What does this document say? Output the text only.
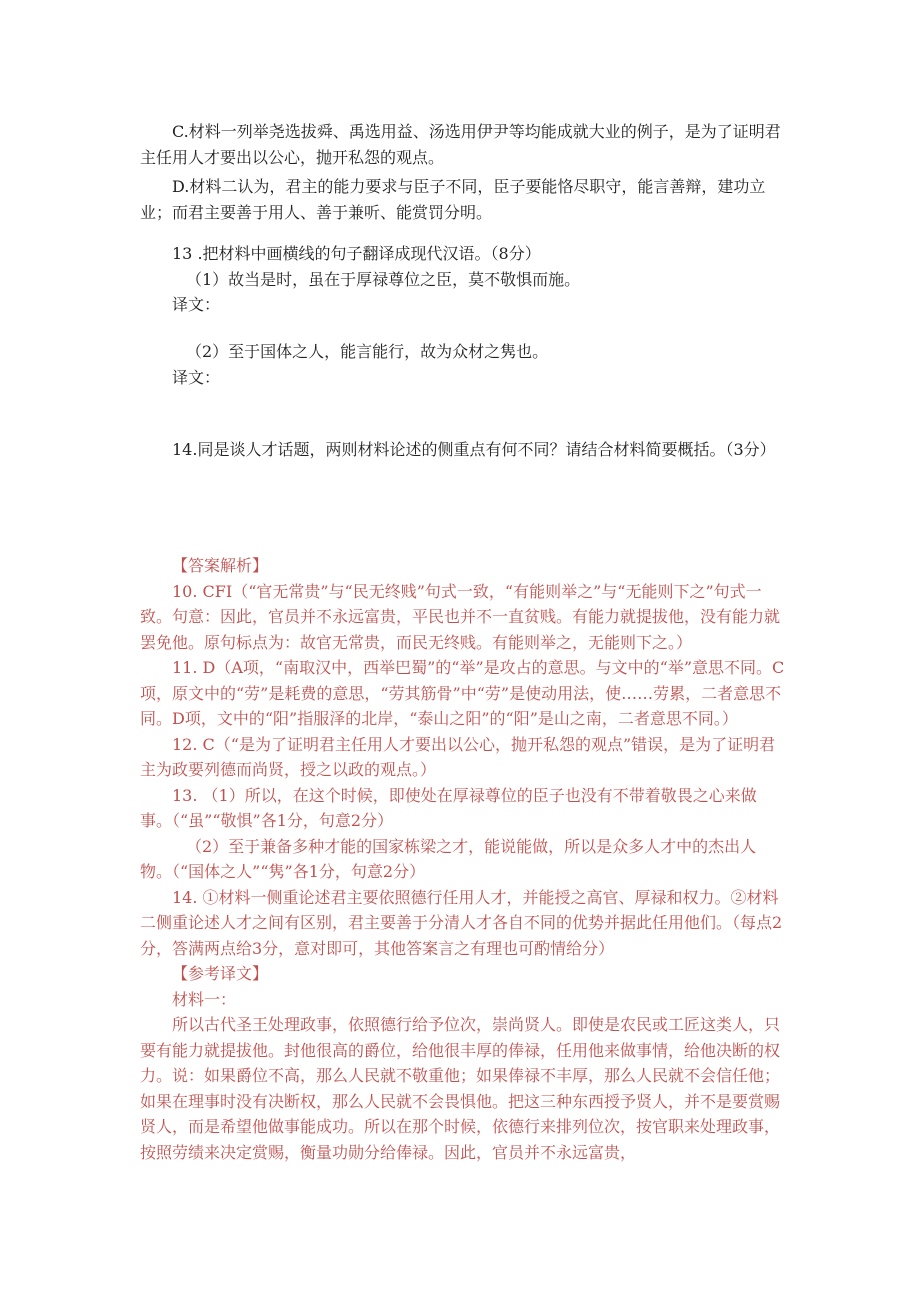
C.材料一列举尧选拔舜、禹选用益、汤选用伊尹等均能成就大业的例子，是为了证明君主任用人才要出以公心，抛开私怨的观点。

D.材料二认为，君主的能力要求与臣子不同，臣子要能恪尽职守，能言善辩，建功立业；而君主要善于用人、善于兼听、能赏罚分明。

13 .把材料中画横线的句子翻译成现代汉语。（8分）

（1）故当是时，虽在于厚禄尊位之臣，莫不敬惧而施。

译文：

（2）至于国体之人，能言能行，故为众材之隽也。

译文：

14.同是谈人才话题，两则材料论述的侧重点有何不同？请结合材料简要概括。（3分）

【答案解析】

10. CFI（“官无常贵”与“民无终贱”句式一致，“有能则举之”与“无能则下之”句式一致。句意：因此，官员并不永远富贵，平民也并不一直贫贱。有能力就提拔他，没有能力就罢免他。原句标点为：故官无常贵，而民无终贱。有能则举之，无能则下之。）

11. D（A项，“南取汉中，西举巴蜀”的“举”是攻占的意思。与文中的“举”意思不同。C项，原文中的“劳”是耗费的意思，“劳其筋骨”中“劳”是使动用法，使……劳累，二者意思不同。D项，文中的“阳”指服泽的北岸，“泰山之阳”的“阳”是山之南，二者意思不同。）

12. C（“是为了证明君主任用人才要出以公心，抛开私怨的观点”错误，是为了证明君主为政要列德而尚贤，授之以政的观点。）

13. （1）所以，在这个时候，即使处在厚禄尊位的臣子也没有不带着敬畏之心来做事。（“虽”“敬惧”各1分，句意2分）

（2）至于兼备多种才能的国家栋梁之才，能说能做，所以是众多人才中的杰出人物。（“国体之人”“隽”各1分，句意2分）

14. ①材料一侧重论述君主要依照德行任用人才，并能授之高官、厚禄和权力。②材料二侧重论述人才之间有区别，君主要善于分清人才各自不同的优势并据此任用他们。（每点2分，答满两点给3分，意对即可，其他答案言之有理也可酌情给分）

【参考译文】

材料一：

所以古代圣王处理政事，依照德行给予位次，崇尚贤人。即使是农民或工匠这类人，只要有能力就提拔他。封他很高的爵位，给他很丰厚的俸禄，任用他来做事情，给他决断的权力。说：如果爵位不高，那么人民就不敬重他；如果俸禄不丰厚，那么人民就不会信任他；如果在理事时没有决断权，那么人民就不会畏惧他。把这三种东西授予贤人，并不是要赏赐贤人，而是希望他做事能成功。所以在那个时候，依德行来排列位次，按官职来处理政事，按照劳绩来决定赏赐，衡量功勋分给俸禄。因此，官员并不永远富贵，
